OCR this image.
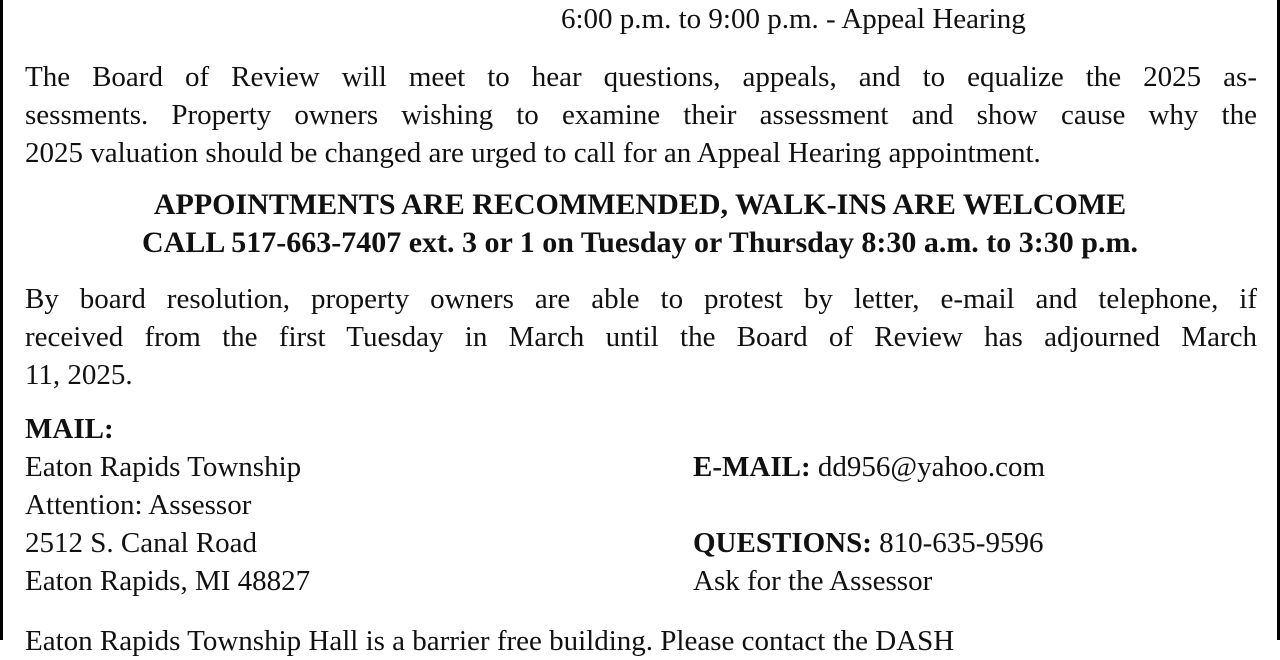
6:00 p.m. to 9:00 p.m. - Appeal Hearing
The Board of Review will meet to hear questions, appeals, and to equalize the 2025 as-
sessments. Property owners wishing to examine their assessment and show cause why the
2025 valuation should be changed are urged to call for an Appeal Hearing appointment.
APPOINTMENTS ARE RECOMMENDED, WALK-INS ARE WELCOME
CALL 517-663-7407 ext. 3 or 1 on Tuesday or Thursday 8:30 a.m. to 3:30 p.m.
By board resolution, property owners are able to protest by letter, e-mail and telephone, if
received from the first Tuesday in March until the Board of Review has adjourned March
11, 2025.
MAIL:
Eaton Rapids Township
Attention: Assessor
2512 S. Canal Road
Eaton Rapids, MI 48827
E-MAIL: dd956@yahoo.com

QUESTIONS: 810-635-9596
Ask for the Assessor
Eaton Rapids Township Hall is a barrier free building. Please contact the DASH
